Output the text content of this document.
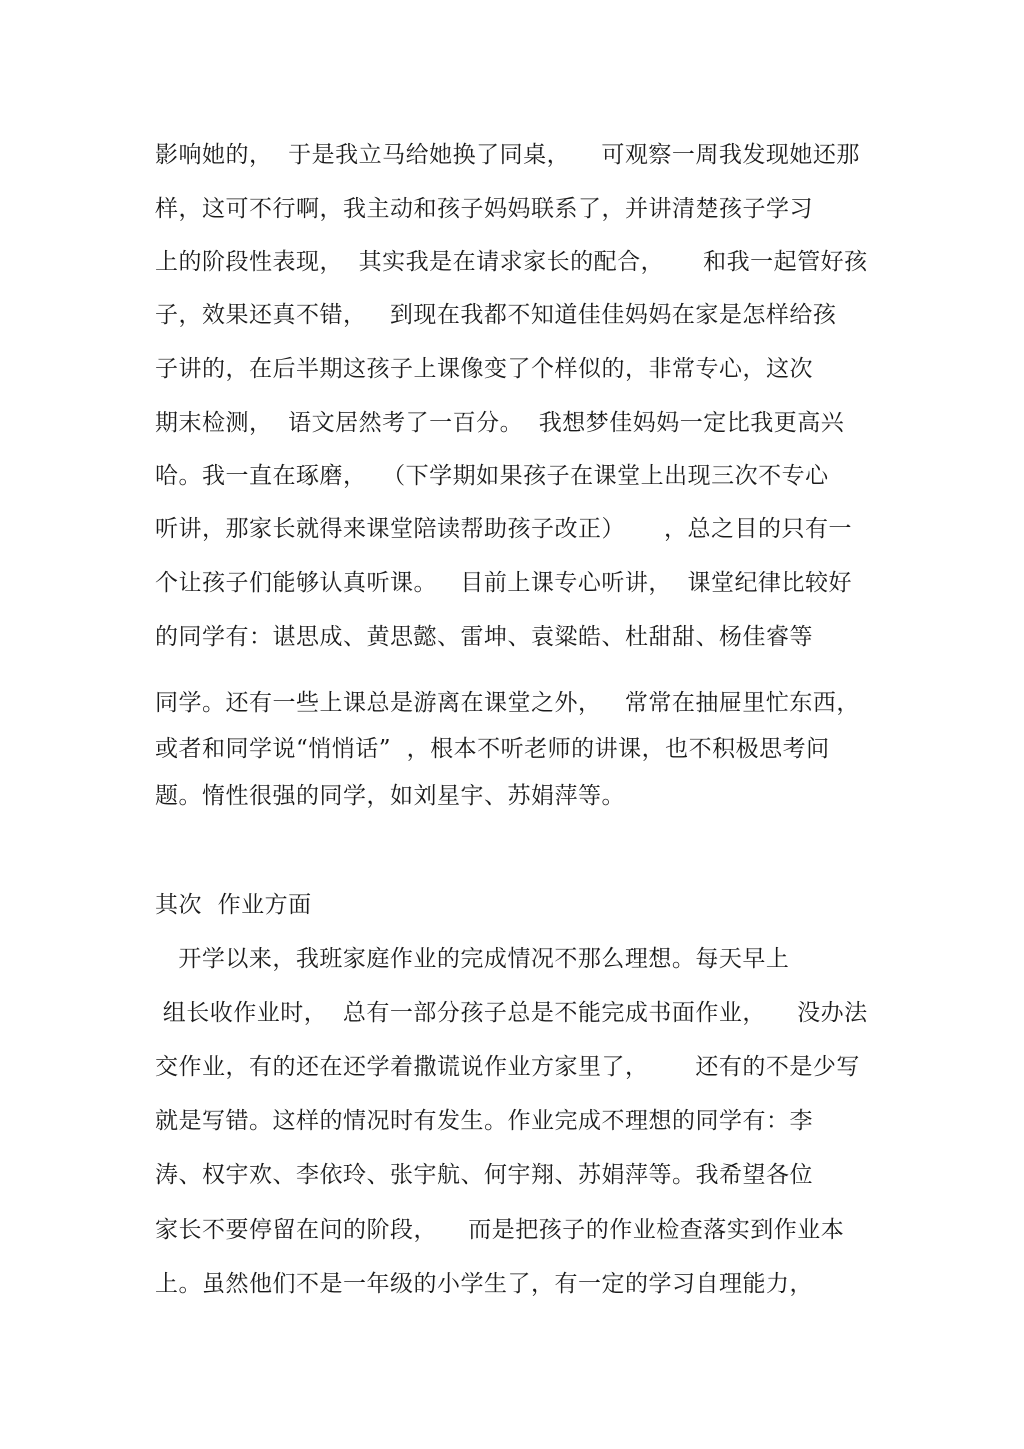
影响她的，  于是我立马给她换了同桌，    可观察一周我发现她还那
样，这可不行啊，我主动和孩子妈妈联系了，并讲清楚孩子学习
上的阶段性表现，  其实我是在请求家长的配合，     和我一起管好孩
子，效果还真不错，   到现在我都不知道佳佳妈妈在家是怎样给孩
子讲的，在后半期这孩子上课像变了个样似的，非常专心，这次
期末检测，  语文居然考了一百分。  我想梦佳妈妈一定比我更高兴
哈。我一直在琢磨，  （下学期如果孩子在课堂上出现三次不专心
听讲，那家长就得来课堂陪读帮助孩子改正）     ，总之目的只有一
个让孩子们能够认真听课。   目前上课专心听讲，  课堂纪律比较好
的同学有：谌思成、黄思懿、雷坤、袁粱皓、杜甜甜、杨佳睿等
同学。还有一些上课总是游离在课堂之外，   常常在抽屉里忙东西，
或者和同学说“悄悄话”  ，根本不听老师的讲课，也不积极思考问
题。惰性很强的同学，如刘星宇、苏娟萍等。
其次  作业方面
开学以来，我班家庭作业的完成情况不那么理想。每天早上
组长收作业时，  总有一部分孩子总是不能完成书面作业，    没办法
交作业，有的还在还学着撒谎说作业方家里了，      还有的不是少写
就是写错。这样的情况时有发生。作业完成不理想的同学有：李
涛、权宇欢、李依玲、张宇航、何宇翔、苏娟萍等。我希望各位
家长不要停留在问的阶段，    而是把孩子的作业检查落实到作业本
上。虽然他们不是一年级的小学生了，有一定的学习自理能力，
